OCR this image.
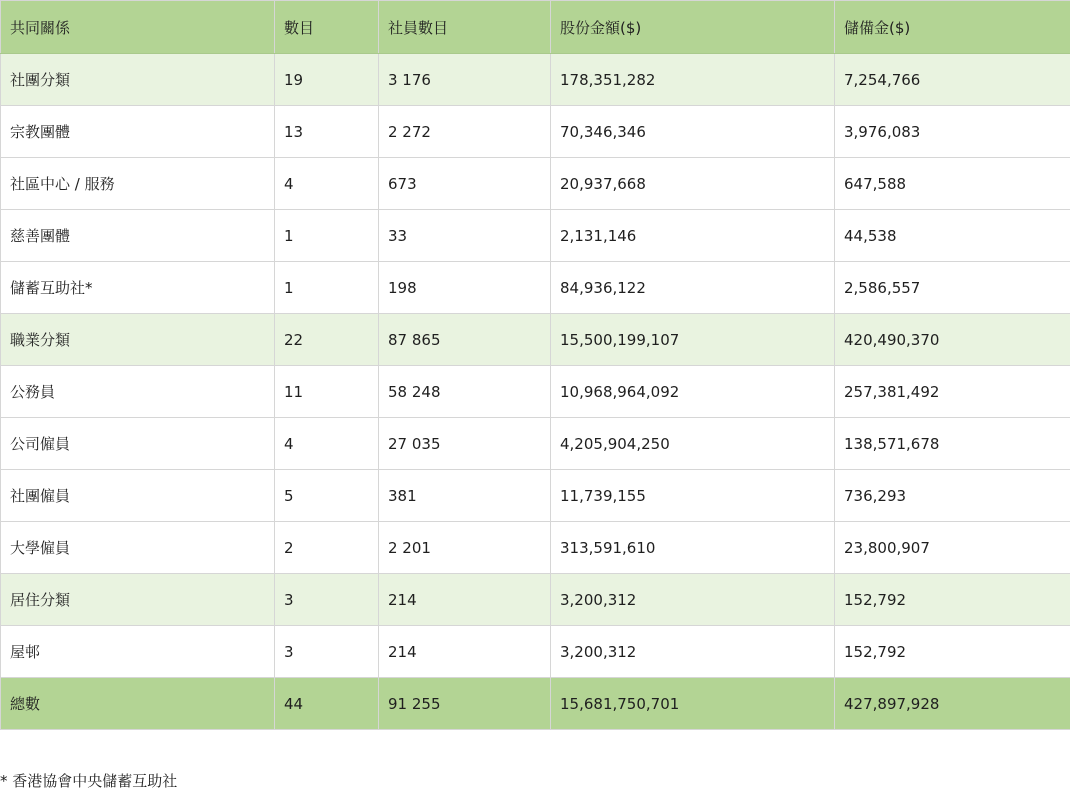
共同關係	數目	社員數目	股份金額($)	儲備金($)
社團分類	19	3 176	178,351,282	7,254,766
宗教團體	13	2 272	70,346,346	3,976,083
社區中心 / 服務	4	673	20,937,668	647,588
慈善團體	1	33	2,131,146	44,538
儲蓄互助社*	1	198	84,936,122	2,586,557
職業分類	22	87 865	15,500,199,107	420,490,370
公務員	11	58 248	10,968,964,092	257,381,492
公司僱員	4	27 035	4,205,904,250	138,571,678
社團僱員	5	381	11,739,155	736,293
大學僱員	2	2 201	313,591,610	23,800,907
居住分類	3	214	3,200,312	152,792
屋邨	3	214	3,200,312	152,792
總數	44	91 255	15,681,750,701	427,897,928
* 香港協會中央儲蓄互助社
